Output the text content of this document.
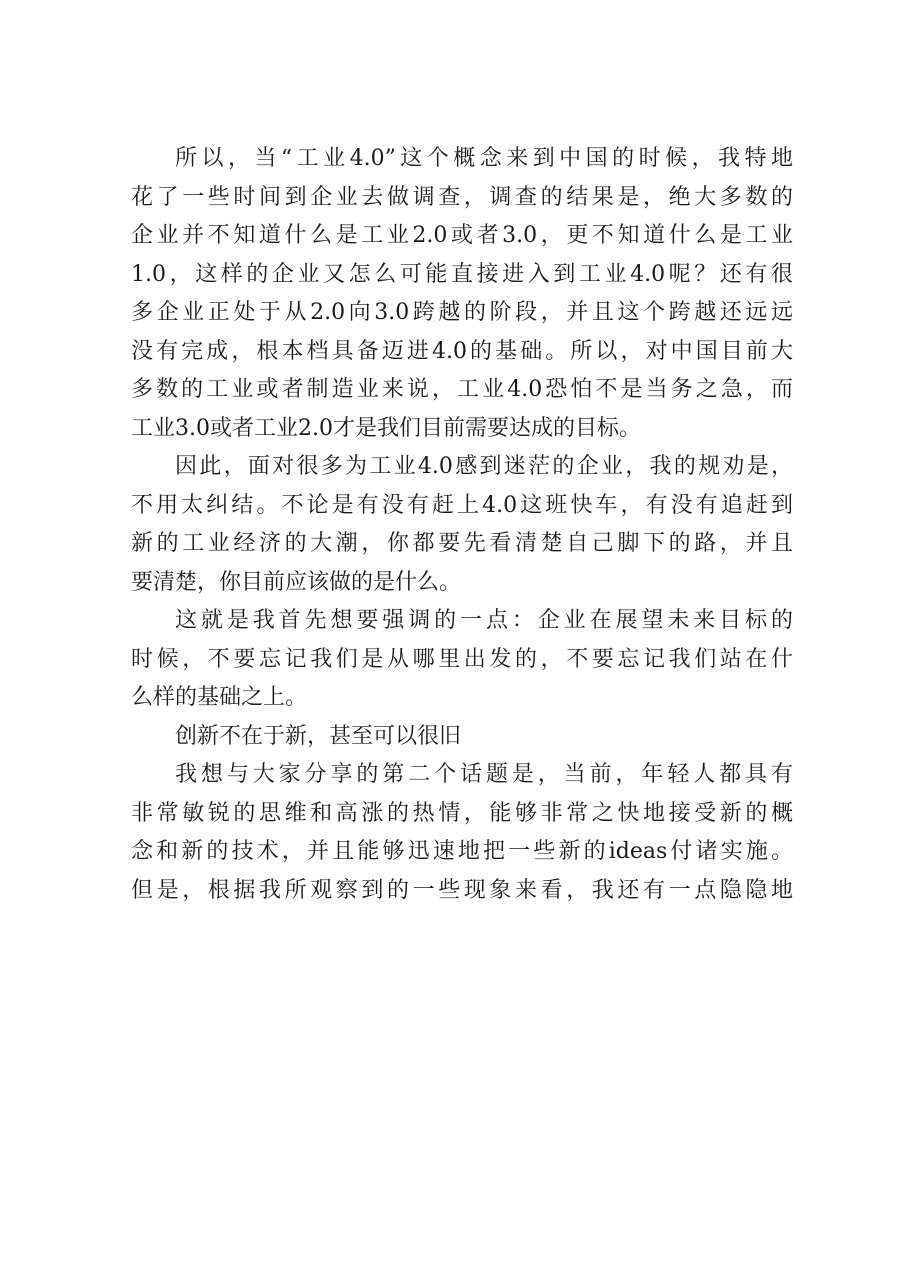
所以，当“工业4.0”这个概念来到中国的时候，我特地
花了一些时间到企业去做调查，调查的结果是，绝大多数的
企业并不知道什么是工业2.0或者3.0，更不知道什么是工业
1.0，这样的企业又怎么可能直接进入到工业4.0呢？还有很
多企业正处于从2.0向3.0跨越的阶段，并且这个跨越还远远
没有完成，根本档具备迈进4.0的基础。所以，对中国目前大
多数的工业或者制造业来说，工业4.0恐怕不是当务之急，而
工业3.0或者工业2.0才是我们目前需要达成的目标。
因此，面对很多为工业4.0感到迷茫的企业，我的规劝是，
不用太纠结。不论是有没有赶上4.0这班快车，有没有追赶到
新的工业经济的大潮，你都要先看清楚自己脚下的路，并且
要清楚，你目前应该做的是什么。
这就是我首先想要强调的一点：企业在展望未来目标的
时候，不要忘记我们是从哪里出发的，不要忘记我们站在什
么样的基础之上。
创新不在于新，甚至可以很旧
我想与大家分享的第二个话题是，当前，年轻人都具有
非常敏锐的思维和高涨的热情，能够非常之快地接受新的概
念和新的技术，并且能够迅速地把一些新的ideas付诸实施。
但是，根据我所观察到的一些现象来看，我还有一点隐隐地
